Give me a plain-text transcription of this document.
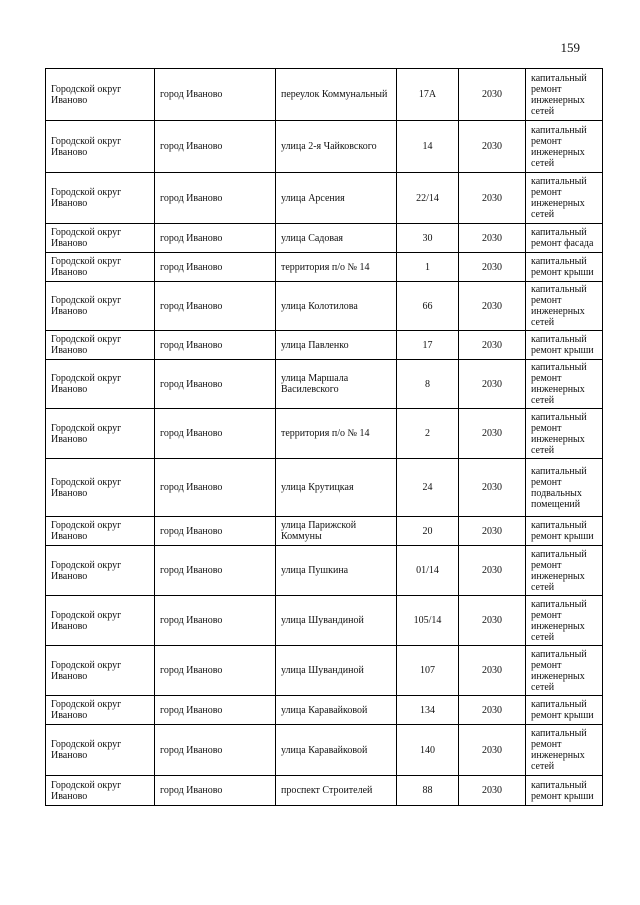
159
Городской округ Иваново	город Иваново	переулок Коммунальный	17А	2030	капитальный ремонт инженерных сетей
Городской округ Иваново	город Иваново	улица 2-я Чайковского	14	2030	капитальный ремонт инженерных сетей
Городской округ Иваново	город Иваново	улица Арсения	22/14	2030	капитальный ремонт инженерных сетей
Городской округ Иваново	город Иваново	улица Садовая	30	2030	капитальный ремонт фасада
Городской округ Иваново	город Иваново	территория п/о № 14	1	2030	капитальный ремонт крыши
Городской округ Иваново	город Иваново	улица Колотилова	66	2030	капитальный ремонт инженерных сетей
Городской округ Иваново	город Иваново	улица Павленко	17	2030	капитальный ремонт крыши
Городской округ Иваново	город Иваново	улица Маршала Василевского	8	2030	капитальный ремонт инженерных сетей
Городской округ Иваново	город Иваново	территория п/о № 14	2	2030	капитальный ремонт инженерных сетей
Городской округ Иваново	город Иваново	улица Крутицкая	24	2030	капитальный ремонт подвальных помещений
Городской округ Иваново	город Иваново	улица Парижской Коммуны	20	2030	капитальный ремонт крыши
Городской округ Иваново	город Иваново	улица Пушкина	01/14	2030	капитальный ремонт инженерных сетей
Городской округ Иваново	город Иваново	улица Шувандиной	105/14	2030	капитальный ремонт инженерных сетей
Городской округ Иваново	город Иваново	улица Шувандиной	107	2030	капитальный ремонт инженерных сетей
Городской округ Иваново	город Иваново	улица Каравайковой	134	2030	капитальный ремонт крыши
Городской округ Иваново	город Иваново	улица Каравайковой	140	2030	капитальный ремонт инженерных сетей
Городской округ Иваново	город Иваново	проспект Строителей	88	2030	капитальный ремонт крыши
